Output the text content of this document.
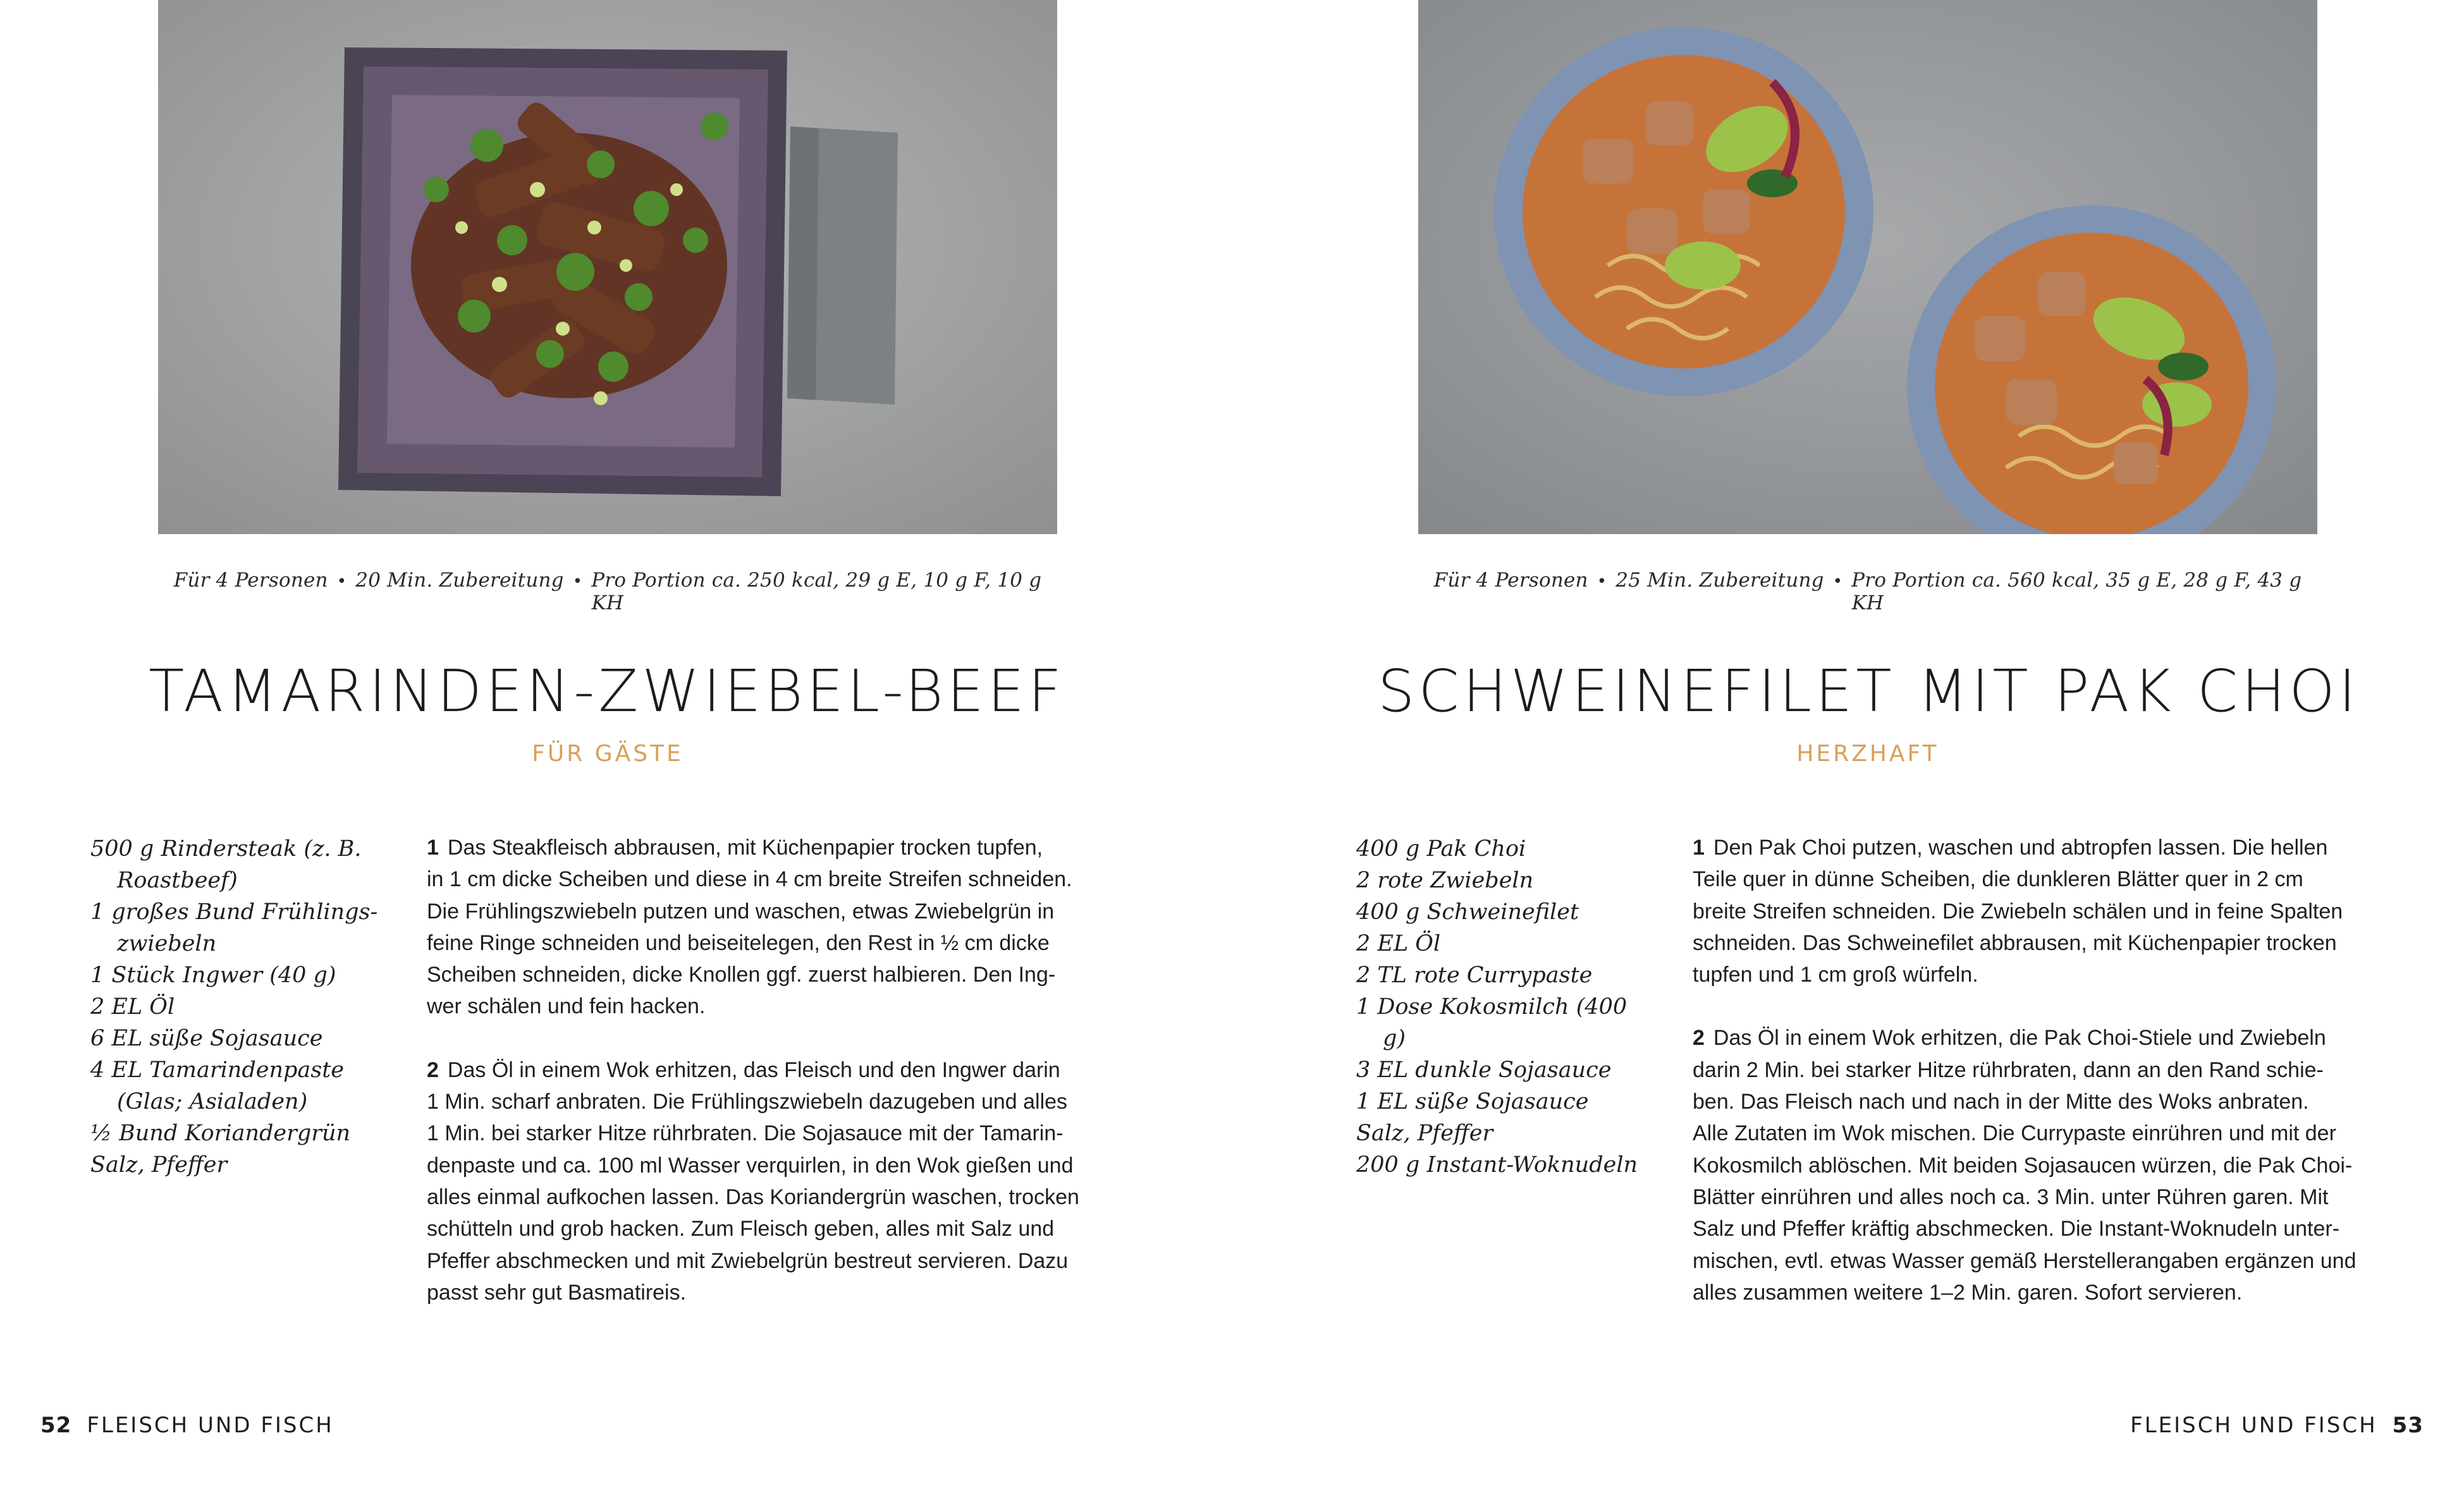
Für 4 Personen • 20 Min. Zubereitung • Pro Portion ca. 250 kcal, 29 g E, 10 g F, 10 g KH
TAMARINDEN-ZWIEBEL-BEEF
FÜR GÄSTE
500 g Rindersteak (z. B. Roastbeef)
1 großes Bund Frühlings-zwiebeln
1 Stück Ingwer (40 g)
2 EL Öl
6 EL süße Sojasauce
4 EL Tamarindenpaste (Glas; Asialaden)
½ Bund Koriandergrün
Salz, Pfeffer
1 Das Steakfleisch abbrausen, mit Küchenpapier trocken tupfen,
in 1 cm dicke Scheiben und diese in 4 cm breite Streifen schneiden.
Die Frühlingszwiebeln putzen und waschen, etwas Zwiebelgrün in
feine Ringe schneiden und beiseitelegen, den Rest in ½ cm dicke
Scheiben schneiden, dicke Knollen ggf. zuerst halbieren. Den Ing-
wer schälen und fein hacken.
2 Das Öl in einem Wok erhitzen, das Fleisch und den Ingwer darin
1 Min. scharf anbraten. Die Frühlingszwiebeln dazugeben und alles
1 Min. bei starker Hitze rührbraten. Die Sojasauce mit der Tamarin-
denpaste und ca. 100 ml Wasser verquirlen, in den Wok gießen und
alles einmal aufkochen lassen. Das Koriandergrün waschen, trocken
schütteln und grob hacken. Zum Fleisch geben, alles mit Salz und
Pfeffer abschmecken und mit Zwiebelgrün bestreut servieren. Dazu
passt sehr gut Basmatireis.
52 FLEISCH UND FISCH
Für 4 Personen • 25 Min. Zubereitung • Pro Portion ca. 560 kcal, 35 g E, 28 g F, 43 g KH
SCHWEINEFILET MIT PAK CHOI
HERZHAFT
400 g Pak Choi
2 rote Zwiebeln
400 g Schweinefilet
2 EL Öl
2 TL rote Currypaste
1 Dose Kokosmilch (400 g)
3 EL dunkle Sojasauce
1 EL süße Sojasauce
Salz, Pfeffer
200 g Instant-Woknudeln
1 Den Pak Choi putzen, waschen und abtropfen lassen. Die hellen
Teile quer in dünne Scheiben, die dunkleren Blätter quer in 2 cm
breite Streifen schneiden. Die Zwiebeln schälen und in feine Spalten
schneiden. Das Schweinefilet abbrausen, mit Küchenpapier trocken
tupfen und 1 cm groß würfeln.
2 Das Öl in einem Wok erhitzen, die Pak Choi-Stiele und Zwiebeln
darin 2 Min. bei starker Hitze rührbraten, dann an den Rand schie-
ben. Das Fleisch nach und nach in der Mitte des Woks anbraten.
Alle Zutaten im Wok mischen. Die Currypaste einrühren und mit der
Kokosmilch ablöschen. Mit beiden Sojasaucen würzen, die Pak Choi-
Blätter einrühren und alles noch ca. 3 Min. unter Rühren garen. Mit
Salz und Pfeffer kräftig abschmecken. Die Instant-Woknudeln unter-
mischen, evtl. etwas Wasser gemäß Herstellerangaben ergänzen und
alles zusammen weitere 1–2 Min. garen. Sofort servieren.
FLEISCH UND FISCH 53
